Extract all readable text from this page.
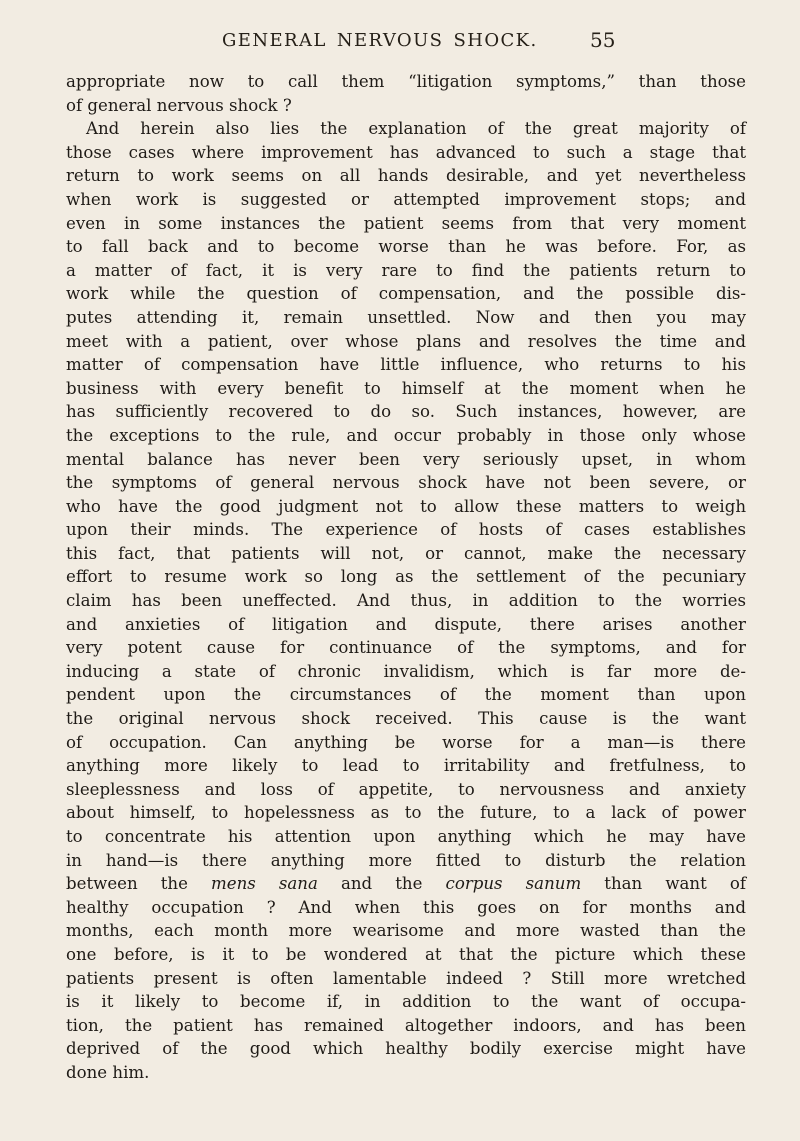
GENERAL NERVOUS SHOCK.	55
appropriate now to call them “litigation symptoms,” than those
of general nervous shock ?
And herein also lies the explanation of the great majority of
those cases where improvement has advanced to such a stage that
return to work seems on all hands desirable, and yet nevertheless
when work is suggested or attempted improvement stops; and
even in some instances the patient seems from that very moment
to fall back and to become worse than he was before. For, as
a matter of fact, it is very rare to find the patients return to
work while the question of compensation, and the possible dis-
putes attending it, remain unsettled. Now and then you may
meet with a patient, over whose plans and resolves the time and
matter of compensation have little influence, who returns to his
business with every benefit to himself at the moment when he
has sufficiently recovered to do so. Such instances, however, are
the exceptions to the rule, and occur probably in those only whose
mental balance has never been very seriously upset, in whom
the symptoms of general nervous shock have not been severe, or
who have the good judgment not to allow these matters to weigh
upon their minds. The experience of hosts of cases establishes
this fact, that patients will not, or cannot, make the necessary
effort to resume work so long as the settlement of the pecuniary
claim has been uneffected. And thus, in addition to the worries
and anxieties of litigation and dispute, there arises another
very potent cause for continuance of the symptoms, and for
inducing a state of chronic invalidism, which is far more de-
pendent upon the circumstances of the moment than upon
the original nervous shock received. This cause is the want
of occupation. Can anything be worse for a man—is there
anything more likely to lead to irritability and fretfulness, to
sleeplessness and loss of appetite, to nervousness and anxiety
about himself, to hopelessness as to the future, to a lack of power
to concentrate his attention upon anything which he may have
in hand—is there anything more fitted to disturb the relation
between the mens sana and the corpus sanum than want of
healthy occupation ? And when this goes on for months and
months, each month more wearisome and more wasted than the
one before, is it to be wondered at that the picture which these
patients present is often lamentable indeed ? Still more wretched
is it likely to become if, in addition to the want of occupa-
tion, the patient has remained altogether indoors, and has been
deprived of the good which healthy bodily exercise might have
done him.
